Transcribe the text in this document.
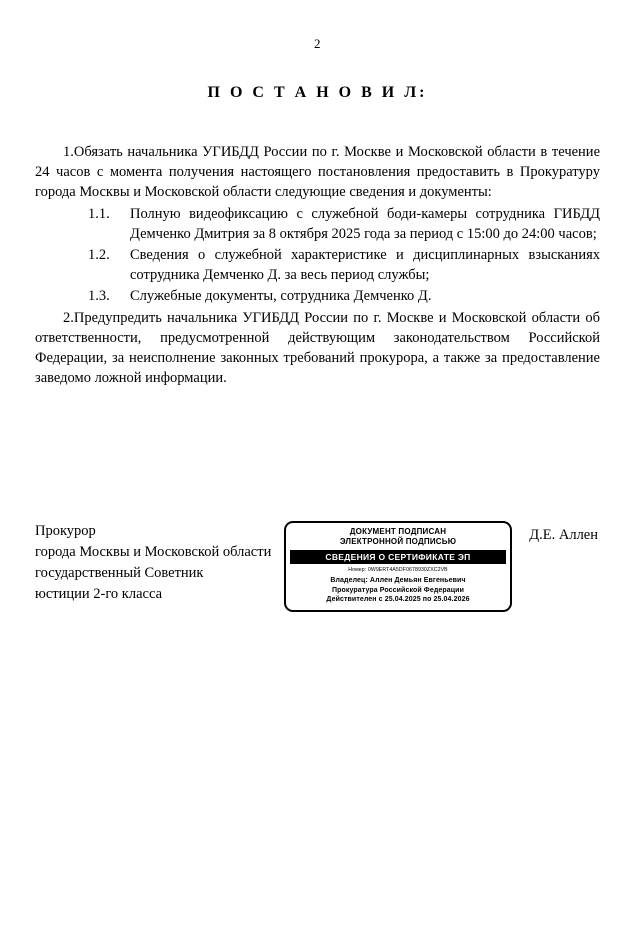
2
П О С Т А Н О В И Л:

1.Обязать начальника УГИБДД России по г. Москве и Московской области в течение 24 часов с момента получения настоящего постановления предоставить в Прокуратуру города Москвы и Московской области следующие сведения и документы:

1.1.	Полную видеофиксацию с служебной боди-камеры сотрудника ГИБДД Демченко Дмитрия за 8 октября 2025 года за период с 15:00 до 24:00 часов;
1.2.	Сведения о служебной характеристике и дисциплинарных взысканиях сотрудника Демченко Д. за весь период службы;
1.3.	Служебные документы, сотрудника Демченко Д.

2.Предупредить начальника УГИБДД России по г. Москве и Московской области об ответственности, предусмотренной действующим законодательством Российской Федерации, за неисполнение законных требований прокурора, а также за предоставление заведомо ложной информации.

Прокурор
города Москвы и Московской области
государственный Советник
юстиции 2-го класса
ДОКУМЕНТ ПОДПИСАН
ЭЛЕКТРОННОЙ ПОДПИСЬЮ
СВЕДЕНИЯ О СЕРТИФИКАТЕ ЭП
Номер: 0W9ERT4A5DF0678930ZXC2VB
Владелец: Аллен Демьян Евгеньевич
Прокуратура Российской Федерации
Действителен с 25.04.2025 по 25.04.2026
Д.Е. Аллен
